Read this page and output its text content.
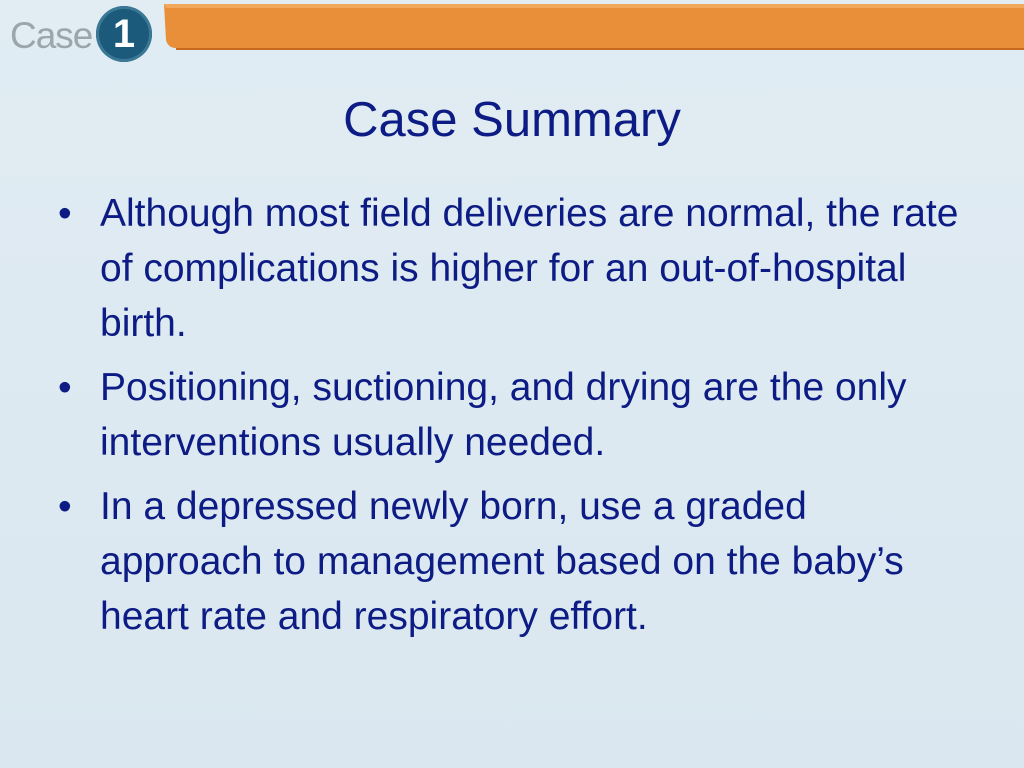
Case 1
Case Summary
• Although most field deliveries are normal, the rate of complications is higher for an out-of-hospital birth.
• Positioning, suctioning, and drying are the only interventions usually needed.
• In a depressed newly born, use a graded approach to management based on the baby’s heart rate and respiratory effort.
